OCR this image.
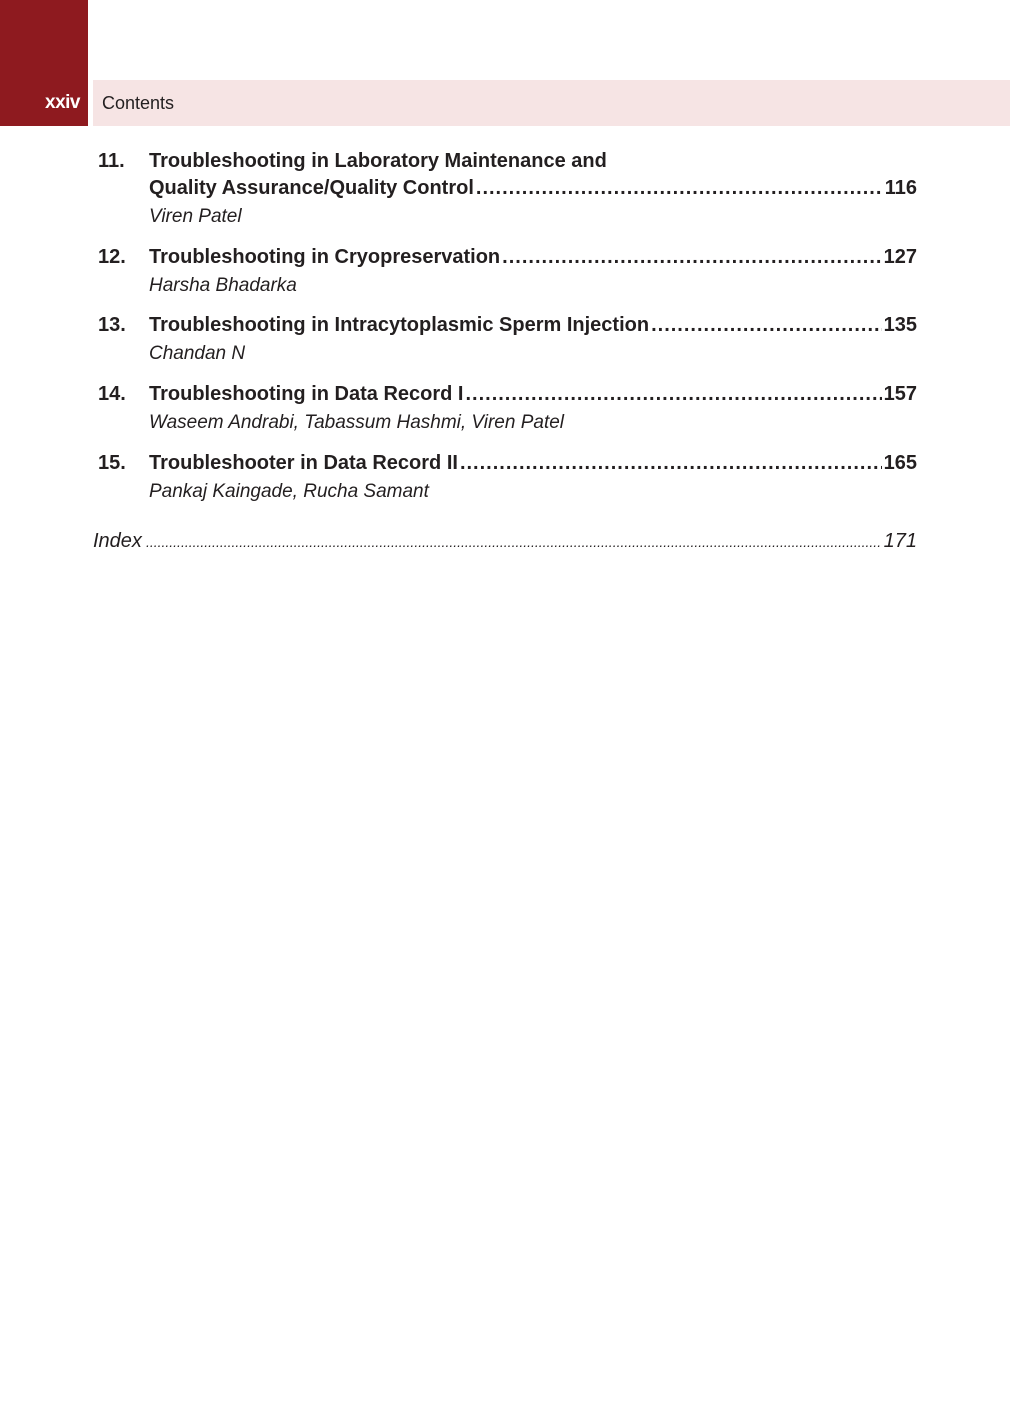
xxiv Contents
11. Troubleshooting in Laboratory Maintenance and
Quality Assurance/Quality Control .....	116
Viren Patel
12. Troubleshooting in Cryopreservation .....	127
Harsha Bhadarka
13. Troubleshooting in Intracytoplasmic Sperm Injection .....	135
Chandan N
14. Troubleshooting in Data Record I .....	157
Waseem Andrabi, Tabassum Hashmi, Viren Patel
15. Troubleshooter in Data Record II .....	165
Pankaj Kaingade, Rucha Samant
Index .....	171
